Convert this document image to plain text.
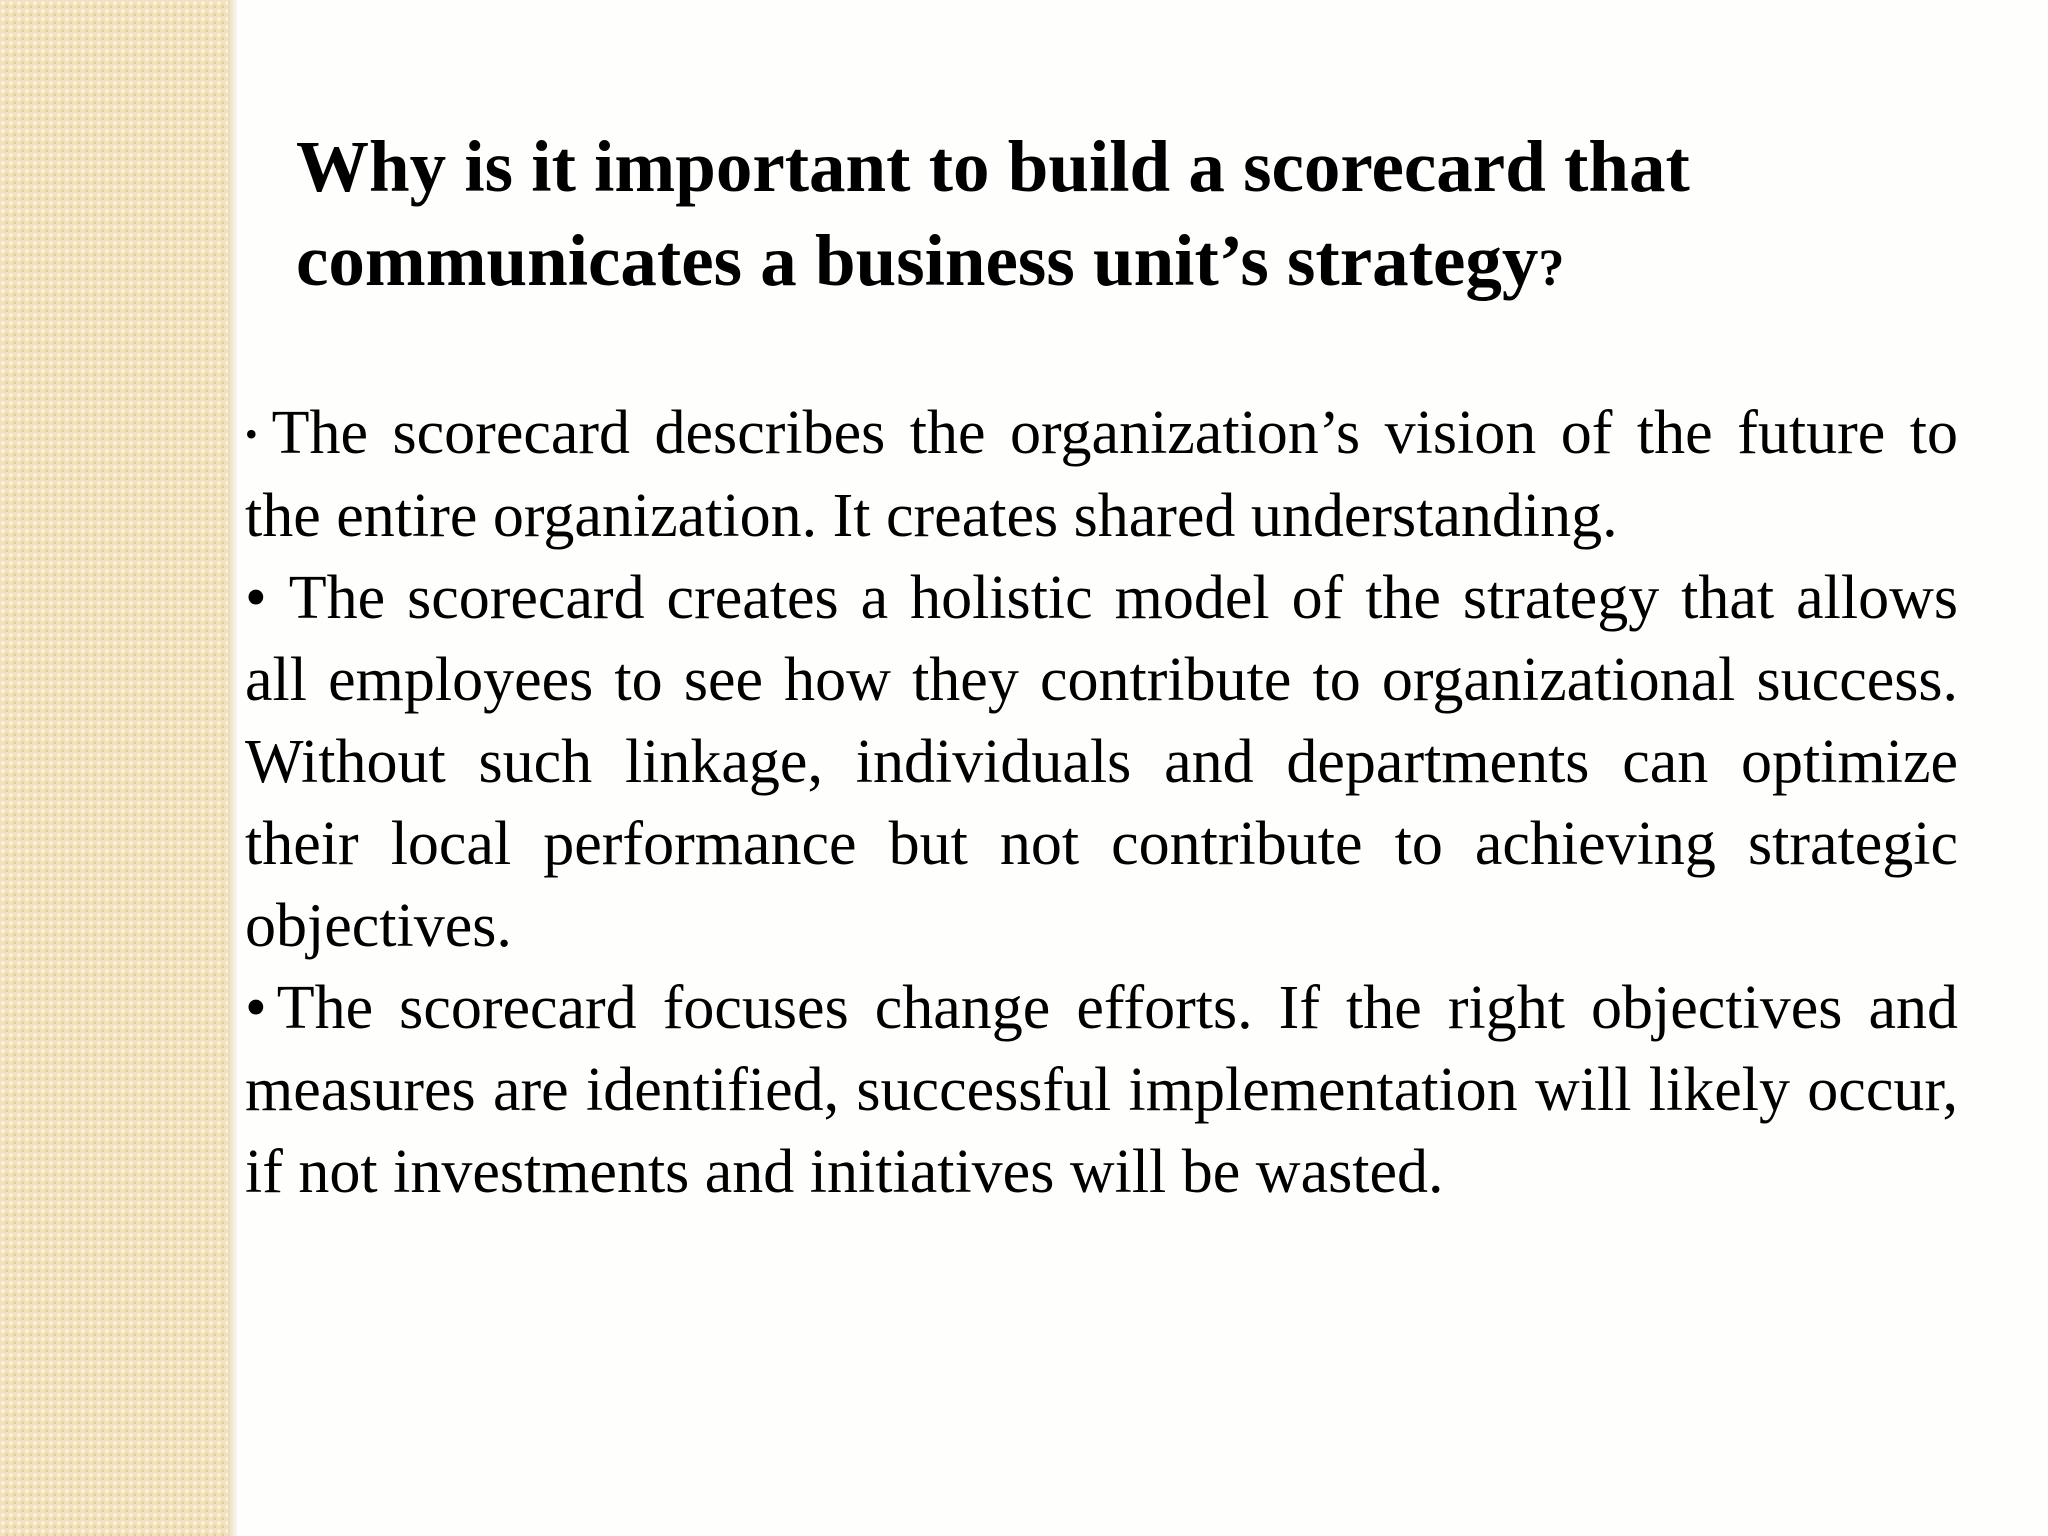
Why is it important to build a scorecard that communicates a business unit’s strategy?

• The scorecard describes the organization’s vision of the future to the entire organization. It creates shared understanding.

• The scorecard creates a holistic model of the strategy that allows all employees to see how they contribute to organizational success. Without such linkage, individuals and departments can optimize their local performance but not contribute to achieving strategic objectives.

• The scorecard focuses change efforts. If the right objectives and measures are identified, successful implementation will likely occur, if not investments and initiatives will be wasted.
